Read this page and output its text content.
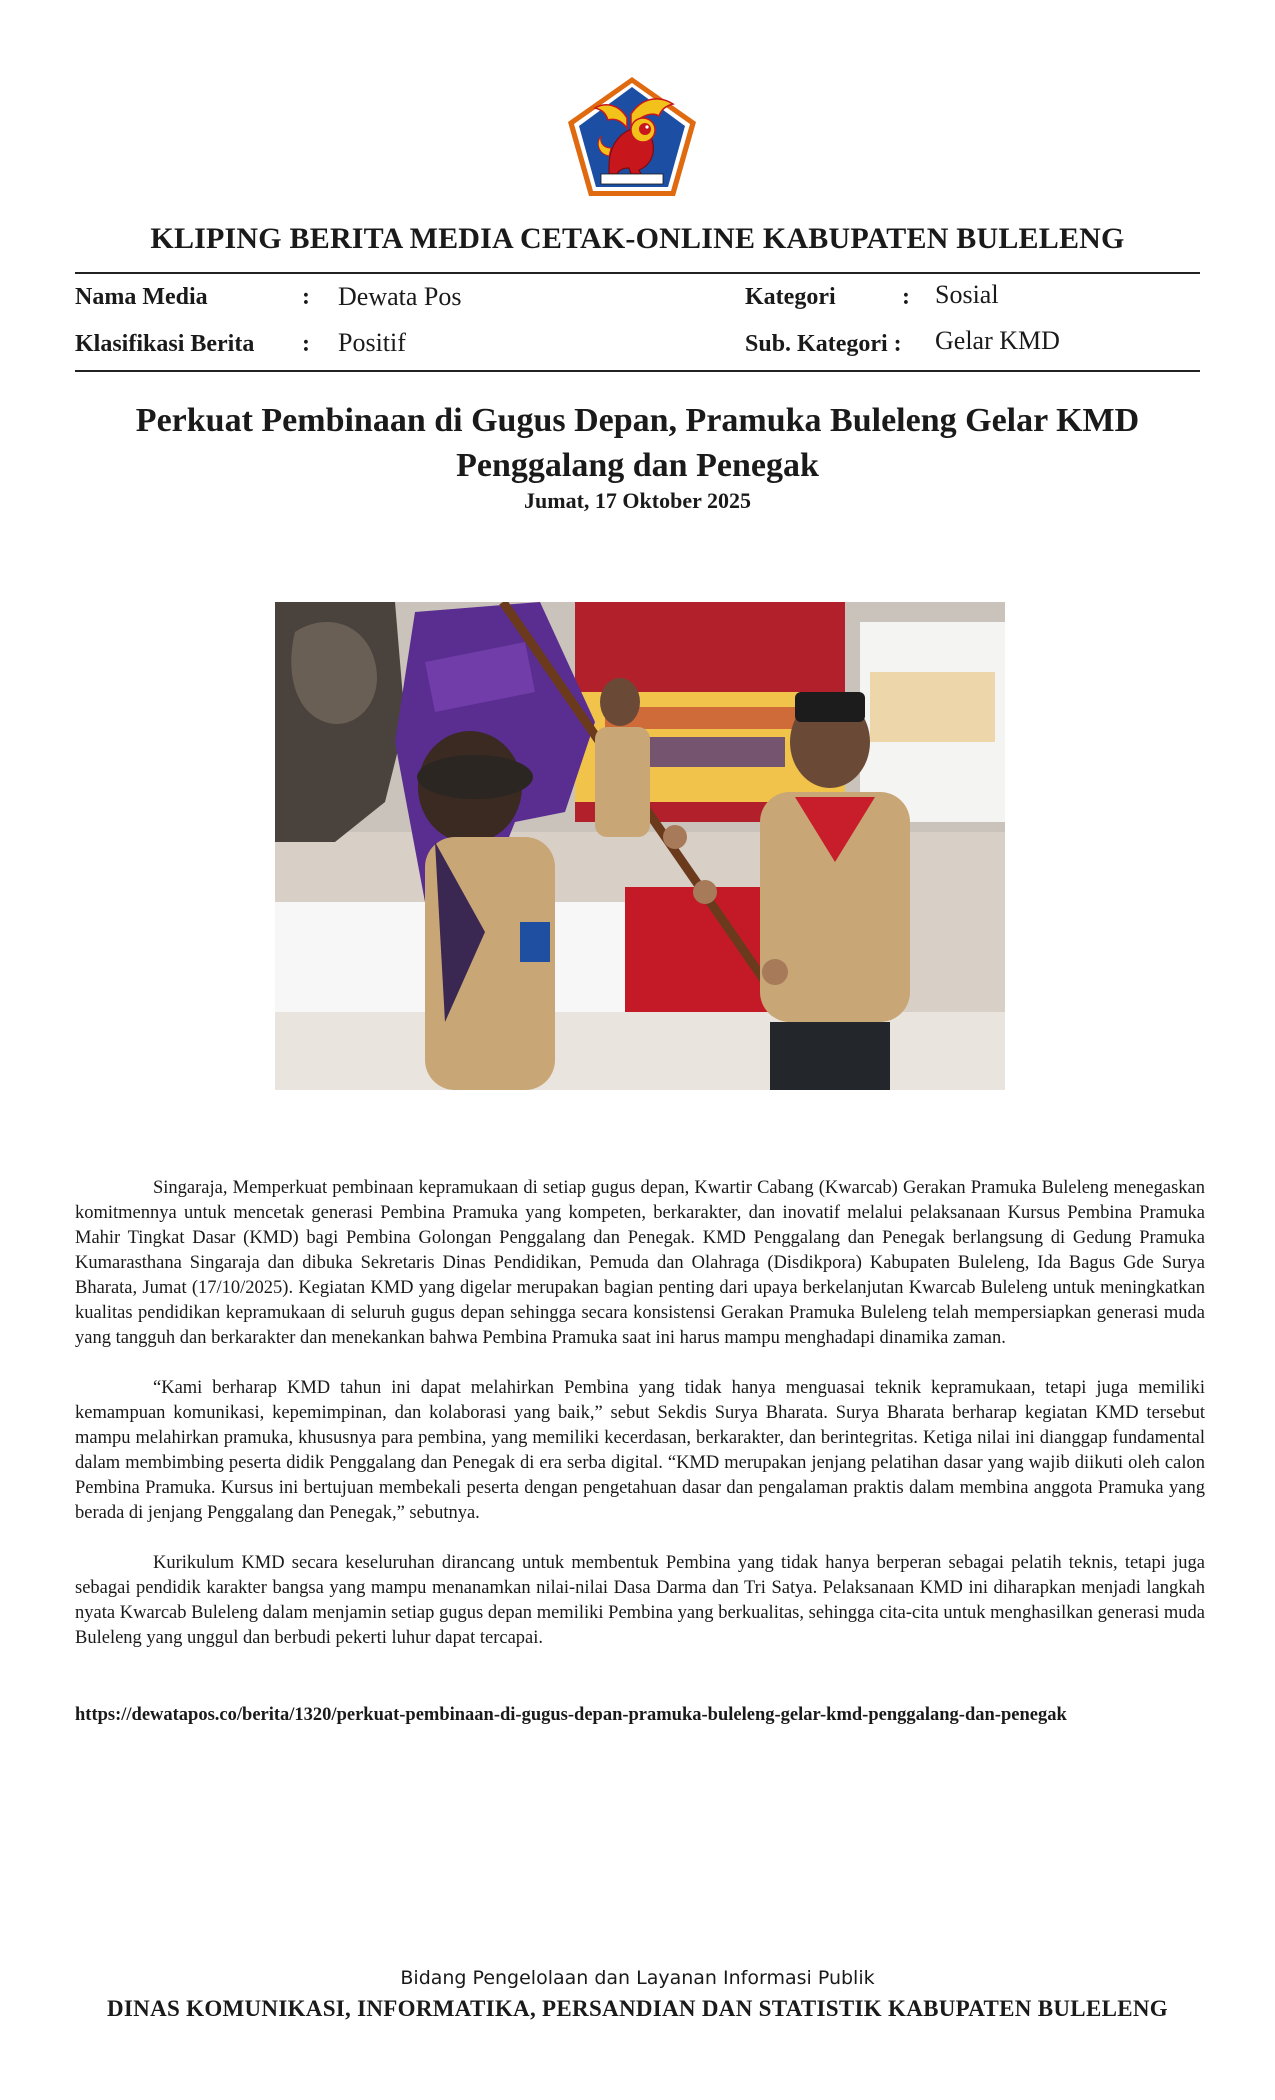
KLIPING BERITA MEDIA CETAK-ONLINE KABUPATEN BULELENG
Nama Media	: Dewata Pos
Klasifikasi Berita : Positif
Kategori	: Sosial
Sub. Kategori : Gelar KMD
Perkuat Pembinaan di Gugus Depan, Pramuka Buleleng Gelar KMD Penggalang dan Penegak
Jumat, 17 Oktober 2025

Singaraja, Memperkuat pembinaan kepramukaan di setiap gugus depan, Kwartir Cabang (Kwarcab) Gerakan Pramuka Buleleng menegaskan komitmennya untuk mencetak generasi Pembina Pramuka yang kompeten, berkarakter, dan inovatif melalui pelaksanaan Kursus Pembina Pramuka Mahir Tingkat Dasar (KMD) bagi Pembina Golongan Penggalang dan Penegak. KMD Penggalang dan Penegak berlangsung di Gedung Pramuka Kumarasthana Singaraja dan dibuka Sekretaris Dinas Pendidikan, Pemuda dan Olahraga (Disdikpora) Kabupaten Buleleng, Ida Bagus Gde Surya Bharata, Jumat (17/10/2025). Kegiatan KMD yang digelar merupakan bagian penting dari upaya berkelanjutan Kwarcab Buleleng untuk meningkatkan kualitas pendidikan kepramukaan di seluruh gugus depan sehingga secara konsistensi Gerakan Pramuka Buleleng telah mempersiapkan generasi muda yang tangguh dan berkarakter dan menekankan bahwa Pembina Pramuka saat ini harus mampu menghadapi dinamika zaman.

“Kami berharap KMD tahun ini dapat melahirkan Pembina yang tidak hanya menguasai teknik kepramukaan, tetapi juga memiliki kemampuan komunikasi, kepemimpinan, dan kolaborasi yang baik,” sebut Sekdis Surya Bharata. Surya Bharata berharap kegiatan KMD tersebut mampu melahirkan pramuka, khususnya para pembina, yang memiliki kecerdasan, berkarakter, dan berintegritas. Ketiga nilai ini dianggap fundamental dalam membimbing peserta didik Penggalang dan Penegak di era serba digital. “KMD merupakan jenjang pelatihan dasar yang wajib diikuti oleh calon Pembina Pramuka. Kursus ini bertujuan membekali peserta dengan pengetahuan dasar dan pengalaman praktis dalam membina anggota Pramuka yang berada di jenjang Penggalang dan Penegak,” sebutnya.

Kurikulum KMD secara keseluruhan dirancang untuk membentuk Pembina yang tidak hanya berperan sebagai pelatih teknis, tetapi juga sebagai pendidik karakter bangsa yang mampu menanamkan nilai-nilai Dasa Darma dan Tri Satya. Pelaksanaan KMD ini diharapkan menjadi langkah nyata Kwarcab Buleleng dalam menjamin setiap gugus depan memiliki Pembina yang berkualitas, sehingga cita-cita untuk menghasilkan generasi muda Buleleng yang unggul dan berbudi pekerti luhur dapat tercapai.

https://dewatapos.co/berita/1320/perkuat-pembinaan-di-gugus-depan-pramuka-buleleng-gelar-kmd-penggalang-dan-penegak
Bidang Pengelolaan dan Layanan Informasi Publik
DINAS KOMUNIKASI, INFORMATIKA, PERSANDIAN DAN STATISTIK KABUPATEN BULELENG
